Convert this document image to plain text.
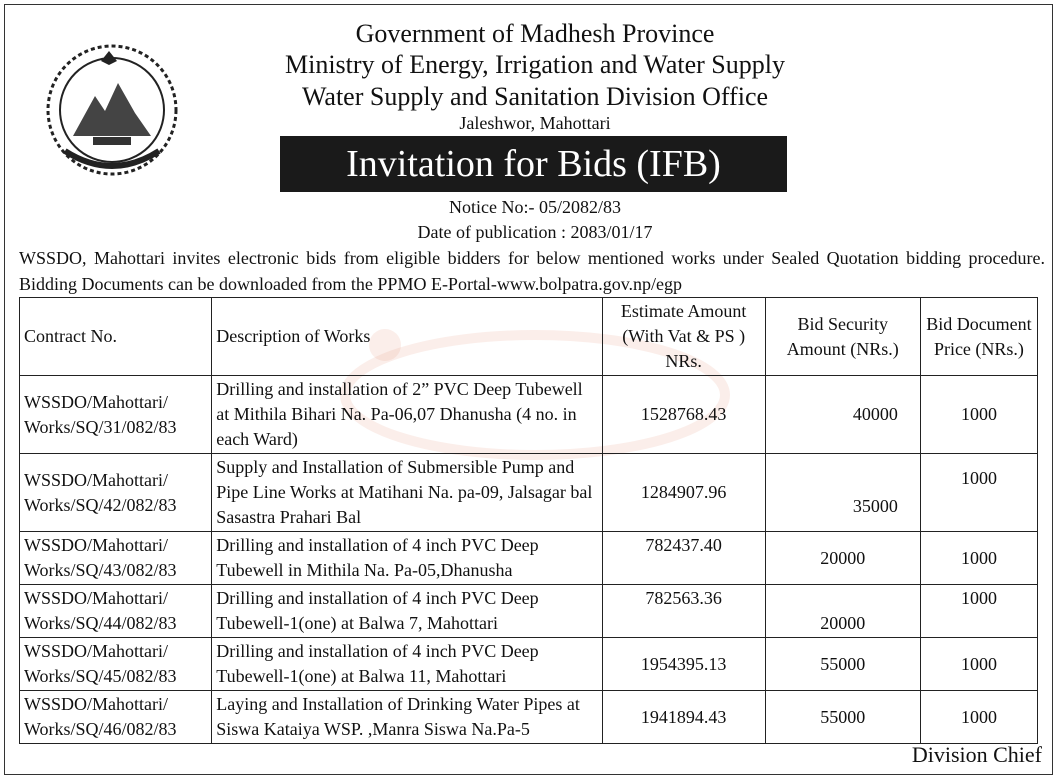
Government of Madhesh Province
Ministry of Energy, Irrigation and Water Supply
Water Supply and Sanitation Division Office
Jaleshwor, Mahottari
Invitation for Bids (IFB)
Notice No:- 05/2082/83
Date of publication : 2083/01/17
WSSDO, Mahottari invites electronic bids from eligible bidders for below mentioned works under Sealed Quotation bidding procedure. Bidding Documents can be downloaded from the PPMO E-Portal-www.bolpatra.gov.np/egp
Contract No.	Description of Works	Estimate Amount (With Vat & PS ) NRs.	Bid Security Amount (NRs.)	Bid Document Price (NRs.)
WSSDO/Mahottari/ Works/SQ/31/082/83	Drilling and installation of 2” PVC Deep Tubewell at Mithila Bihari Na. Pa-06,07 Dhanusha (4 no. in each Ward)	1528768.43	40000	1000
WSSDO/Mahottari/ Works/SQ/42/082/83	Supply and Installation of Submersible Pump and Pipe Line Works at Matihani Na. pa-09, Jalsagar bal Sasastra Prahari Bal	1284907.96	35000	1000
WSSDO/Mahottari/ Works/SQ/43/082/83	Drilling and installation of 4 inch PVC Deep Tubewell in Mithila Na. Pa-05,Dhanusha	782437.40	20000	1000
WSSDO/Mahottari/ Works/SQ/44/082/83	Drilling and installation of 4 inch PVC Deep Tubewell-1(one) at Balwa 7, Mahottari	782563.36	20000	1000
WSSDO/Mahottari/ Works/SQ/45/082/83	Drilling and installation of 4 inch PVC Deep Tubewell-1(one) at Balwa 11, Mahottari	1954395.13	55000	1000
WSSDO/Mahottari/ Works/SQ/46/082/83	Laying and Installation of Drinking Water Pipes at Siswa Kataiya WSP. ,Manra Siswa Na.Pa-5	1941894.43	55000	1000
Division Chief
